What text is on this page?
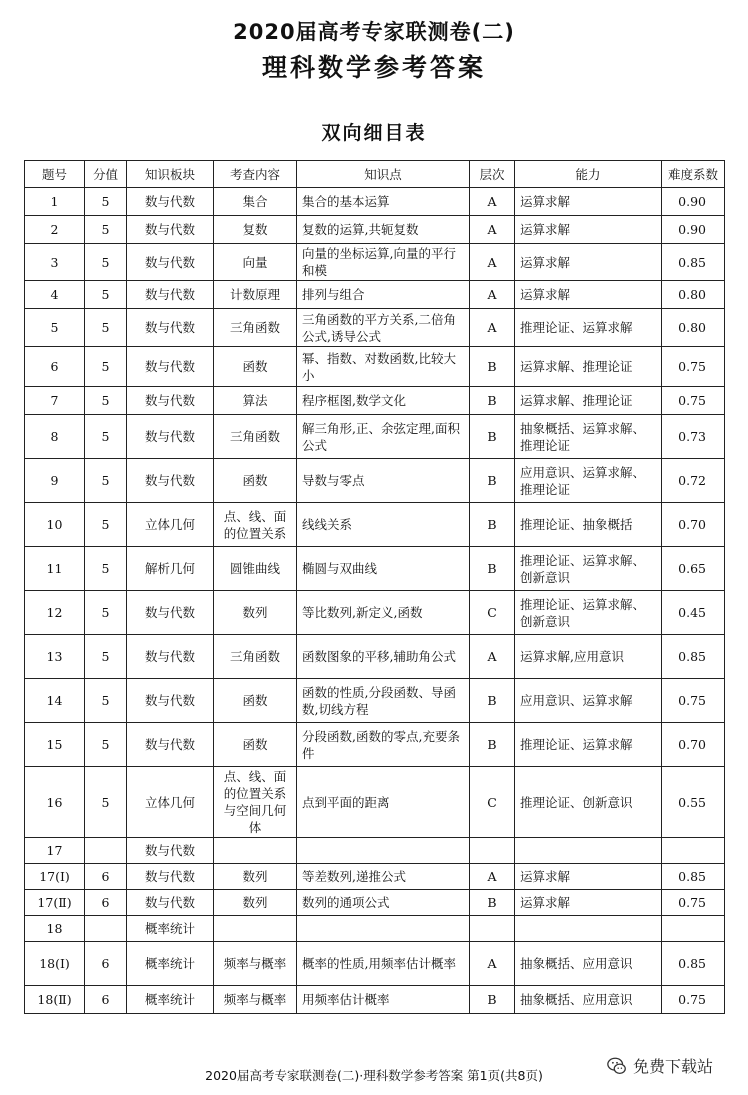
2020届高考专家联测卷(二)
理科数学参考答案
双向细目表
题号	分值	知识板块	考查内容	知识点	层次	能力	难度系数
1	5	数与代数	集合	集合的基本运算	A	运算求解	0.90
2	5	数与代数	复数	复数的运算,共轭复数	A	运算求解	0.90
3	5	数与代数	向量	向量的坐标运算,向量的平行和模	A	运算求解	0.85
4	5	数与代数	计数原理	排列与组合	A	运算求解	0.80
5	5	数与代数	三角函数	三角函数的平方关系,二倍角公式,诱导公式	A	推理论证、运算求解	0.80
6	5	数与代数	函数	幂、指数、对数函数,比较大小	B	运算求解、推理论证	0.75
7	5	数与代数	算法	程序框图,数学文化	B	运算求解、推理论证	0.75
8	5	数与代数	三角函数	解三角形,正、余弦定理,面积公式	B	抽象概括、运算求解、推理论证	0.73
9	5	数与代数	函数	导数与零点	B	应用意识、运算求解、推理论证	0.72
10	5	立体几何	点、线、面的位置关系	线线关系	B	推理论证、抽象概括	0.70
11	5	解析几何	圆锥曲线	椭圆与双曲线	B	推理论证、运算求解、创新意识	0.65
12	5	数与代数	数列	等比数列,新定义,函数	C	推理论证、运算求解、创新意识	0.45
13	5	数与代数	三角函数	函数图象的平移,辅助角公式	A	运算求解,应用意识	0.85
14	5	数与代数	函数	函数的性质,分段函数、导函数,切线方程	B	应用意识、运算求解	0.75
15	5	数与代数	函数	分段函数,函数的零点,充要条件	B	推理论证、运算求解	0.70
16	5	立体几何	点、线、面的位置关系与空间几何体	点到平面的距离	C	推理论证、创新意识	0.55
17		数与代数					
17(Ⅰ)	6	数与代数	数列	等差数列,递推公式	A	运算求解	0.85
17(Ⅱ)	6	数与代数	数列	数列的通项公式	B	运算求解	0.75
18		概率统计					
18(Ⅰ)	6	概率统计	频率与概率	概率的性质,用频率估计概率	A	抽象概括、应用意识	0.85
18(Ⅱ)	6	概率统计	频率与概率	用频率估计概率	B	抽象概括、应用意识	0.75
2020届高考专家联测卷(二)·理科数学参考答案 第1页(共8页)	免费下载站
